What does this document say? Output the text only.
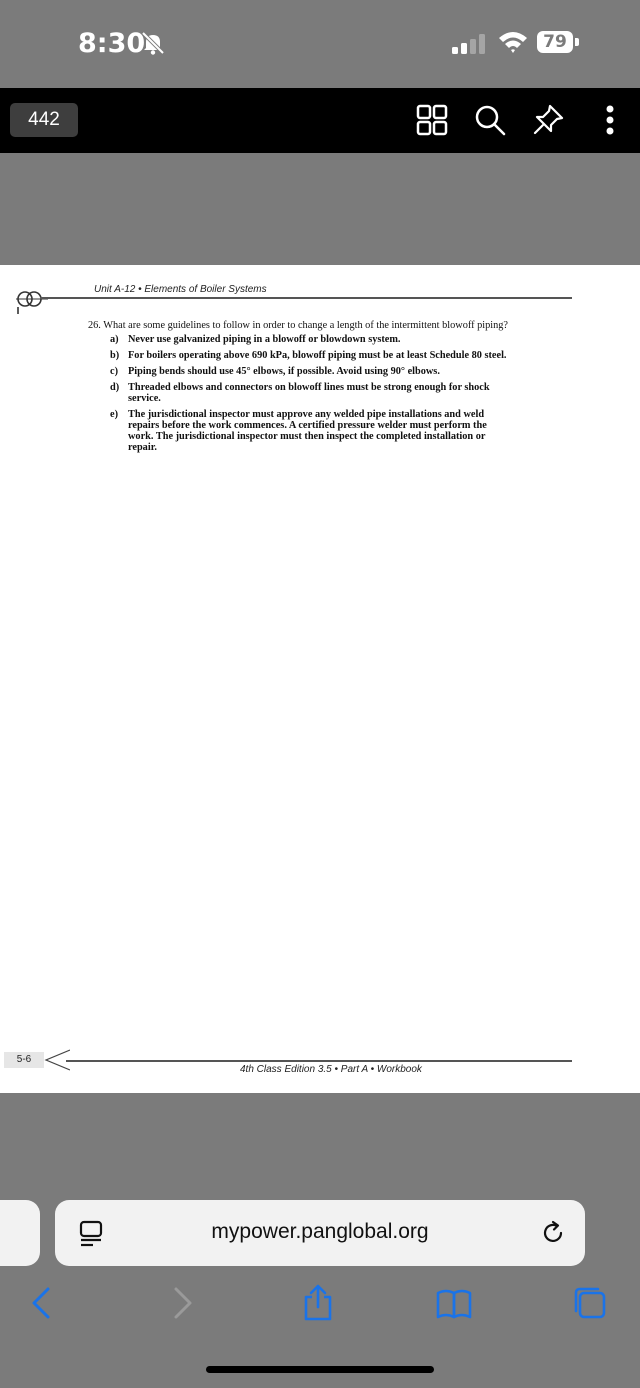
8:30	79
442
Unit A-12 • Elements of Boiler Systems

26. What are some guidelines to follow in order to change a length of the intermittent blowoff piping?

a) Never use galvanized piping in a blowoff or blowdown system.
b) For boilers operating above 690 kPa, blowoff piping must be at least Schedule 80 steel.
c) Piping bends should use 45° elbows, if possible. Avoid using 90° elbows.
d) Threaded elbows and connectors on blowoff lines must be strong enough for shock service.
e) The jurisdictional inspector must approve any welded pipe installations and weld repairs before the work commences. A certified pressure welder must perform the work. The jurisdictional inspector must then inspect the completed installation or repair.
5-6
4th Class Edition 3.5 • Part A • Workbook
mypower.panglobal.org
